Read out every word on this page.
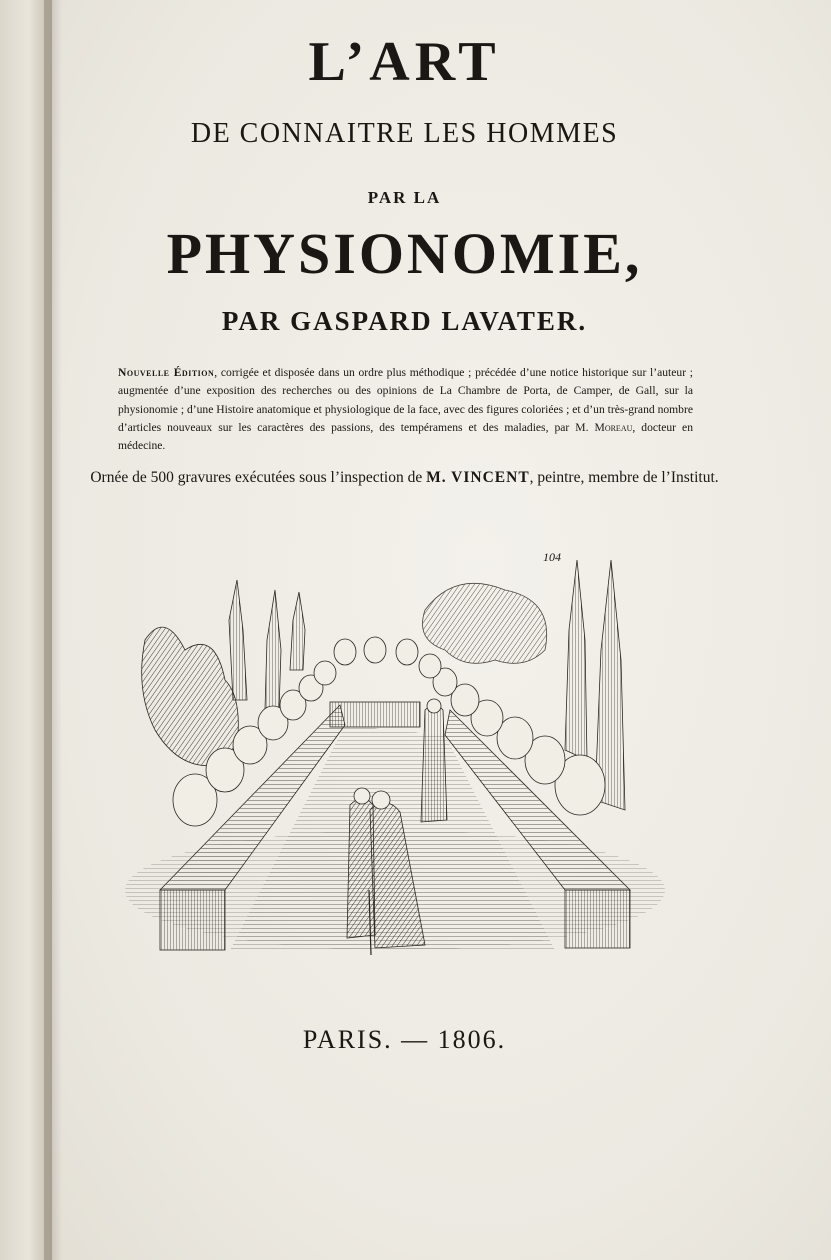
L’ART
DE CONNAITRE LES HOMMES
PAR LA
PHYSIONOMIE,
PAR GASPARD LAVATER.
Nouvelle Édition, corrigée et disposée dans un ordre plus méthodique ; précédée d’une notice historique sur l’auteur ; augmentée d’une exposition des recherches ou des opinions de La Chambre de Porta, de Camper, de Gall, sur la physionomie ; d’une Histoire anatomique et physiologique de la face, avec des figures coloriées ; et d’un très-grand nombre d’articles nouveaux sur les caractères des passions, des tempéramens et des maladies, par M. Moreau, docteur en médecine.
Ornée de 500 gravures exécutées sous l’inspection de M. VINCENT, peintre, membre de l’Institut.
104
PARIS. — 1806.
